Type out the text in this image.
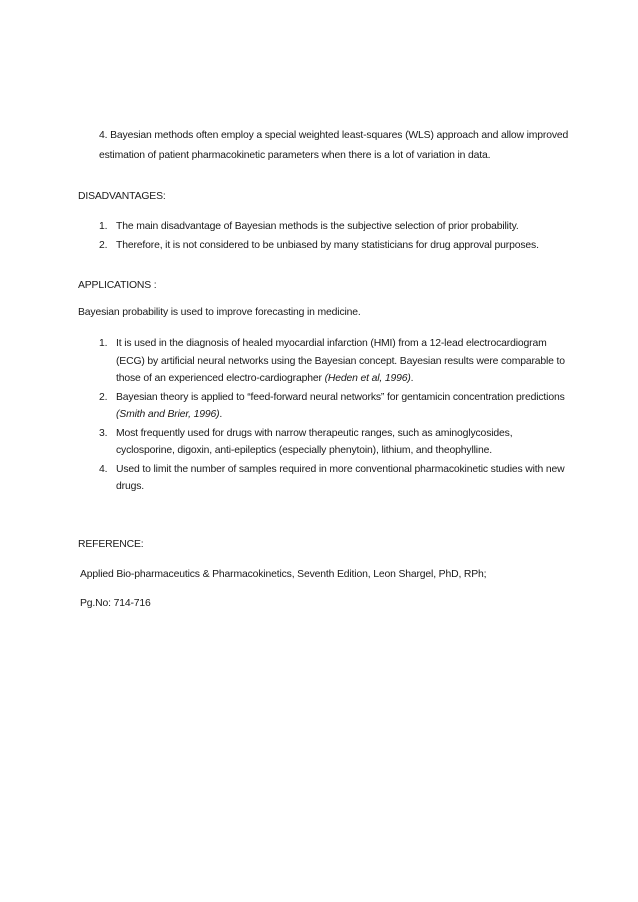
4. Bayesian methods often employ a special weighted least-squares (WLS) approach and allow improved estimation of patient pharmacokinetic parameters when there is a lot of variation in data.

DISADVANTAGES:

1. The main disadvantage of Bayesian methods is the subjective selection of prior probability.
2. Therefore, it is not considered to be unbiased by many statisticians for drug approval purposes.

APPLICATIONS :

Bayesian probability is used to improve forecasting in medicine.

1. It is used in the diagnosis of healed myocardial infarction (HMI) from a 12-lead electrocardiogram (ECG) by artificial neural networks using the Bayesian concept. Bayesian results were comparable to those of an experienced electro-cardiographer (Heden et al, 1996).
2. Bayesian theory is applied to “feed-forward neural networks” for gentamicin concentration predictions (Smith and Brier, 1996).
3. Most frequently used for drugs with narrow therapeutic ranges, such as aminoglycosides, cyclosporine, digoxin, anti-epileptics (especially phenytoin), lithium, and theophylline.
4. Used to limit the number of samples required in more conventional pharmacokinetic studies with new drugs.

REFERENCE:

Applied Bio-pharmaceutics & Pharmacokinetics, Seventh Edition, Leon Shargel, PhD, RPh;

Pg.No: 714-716
